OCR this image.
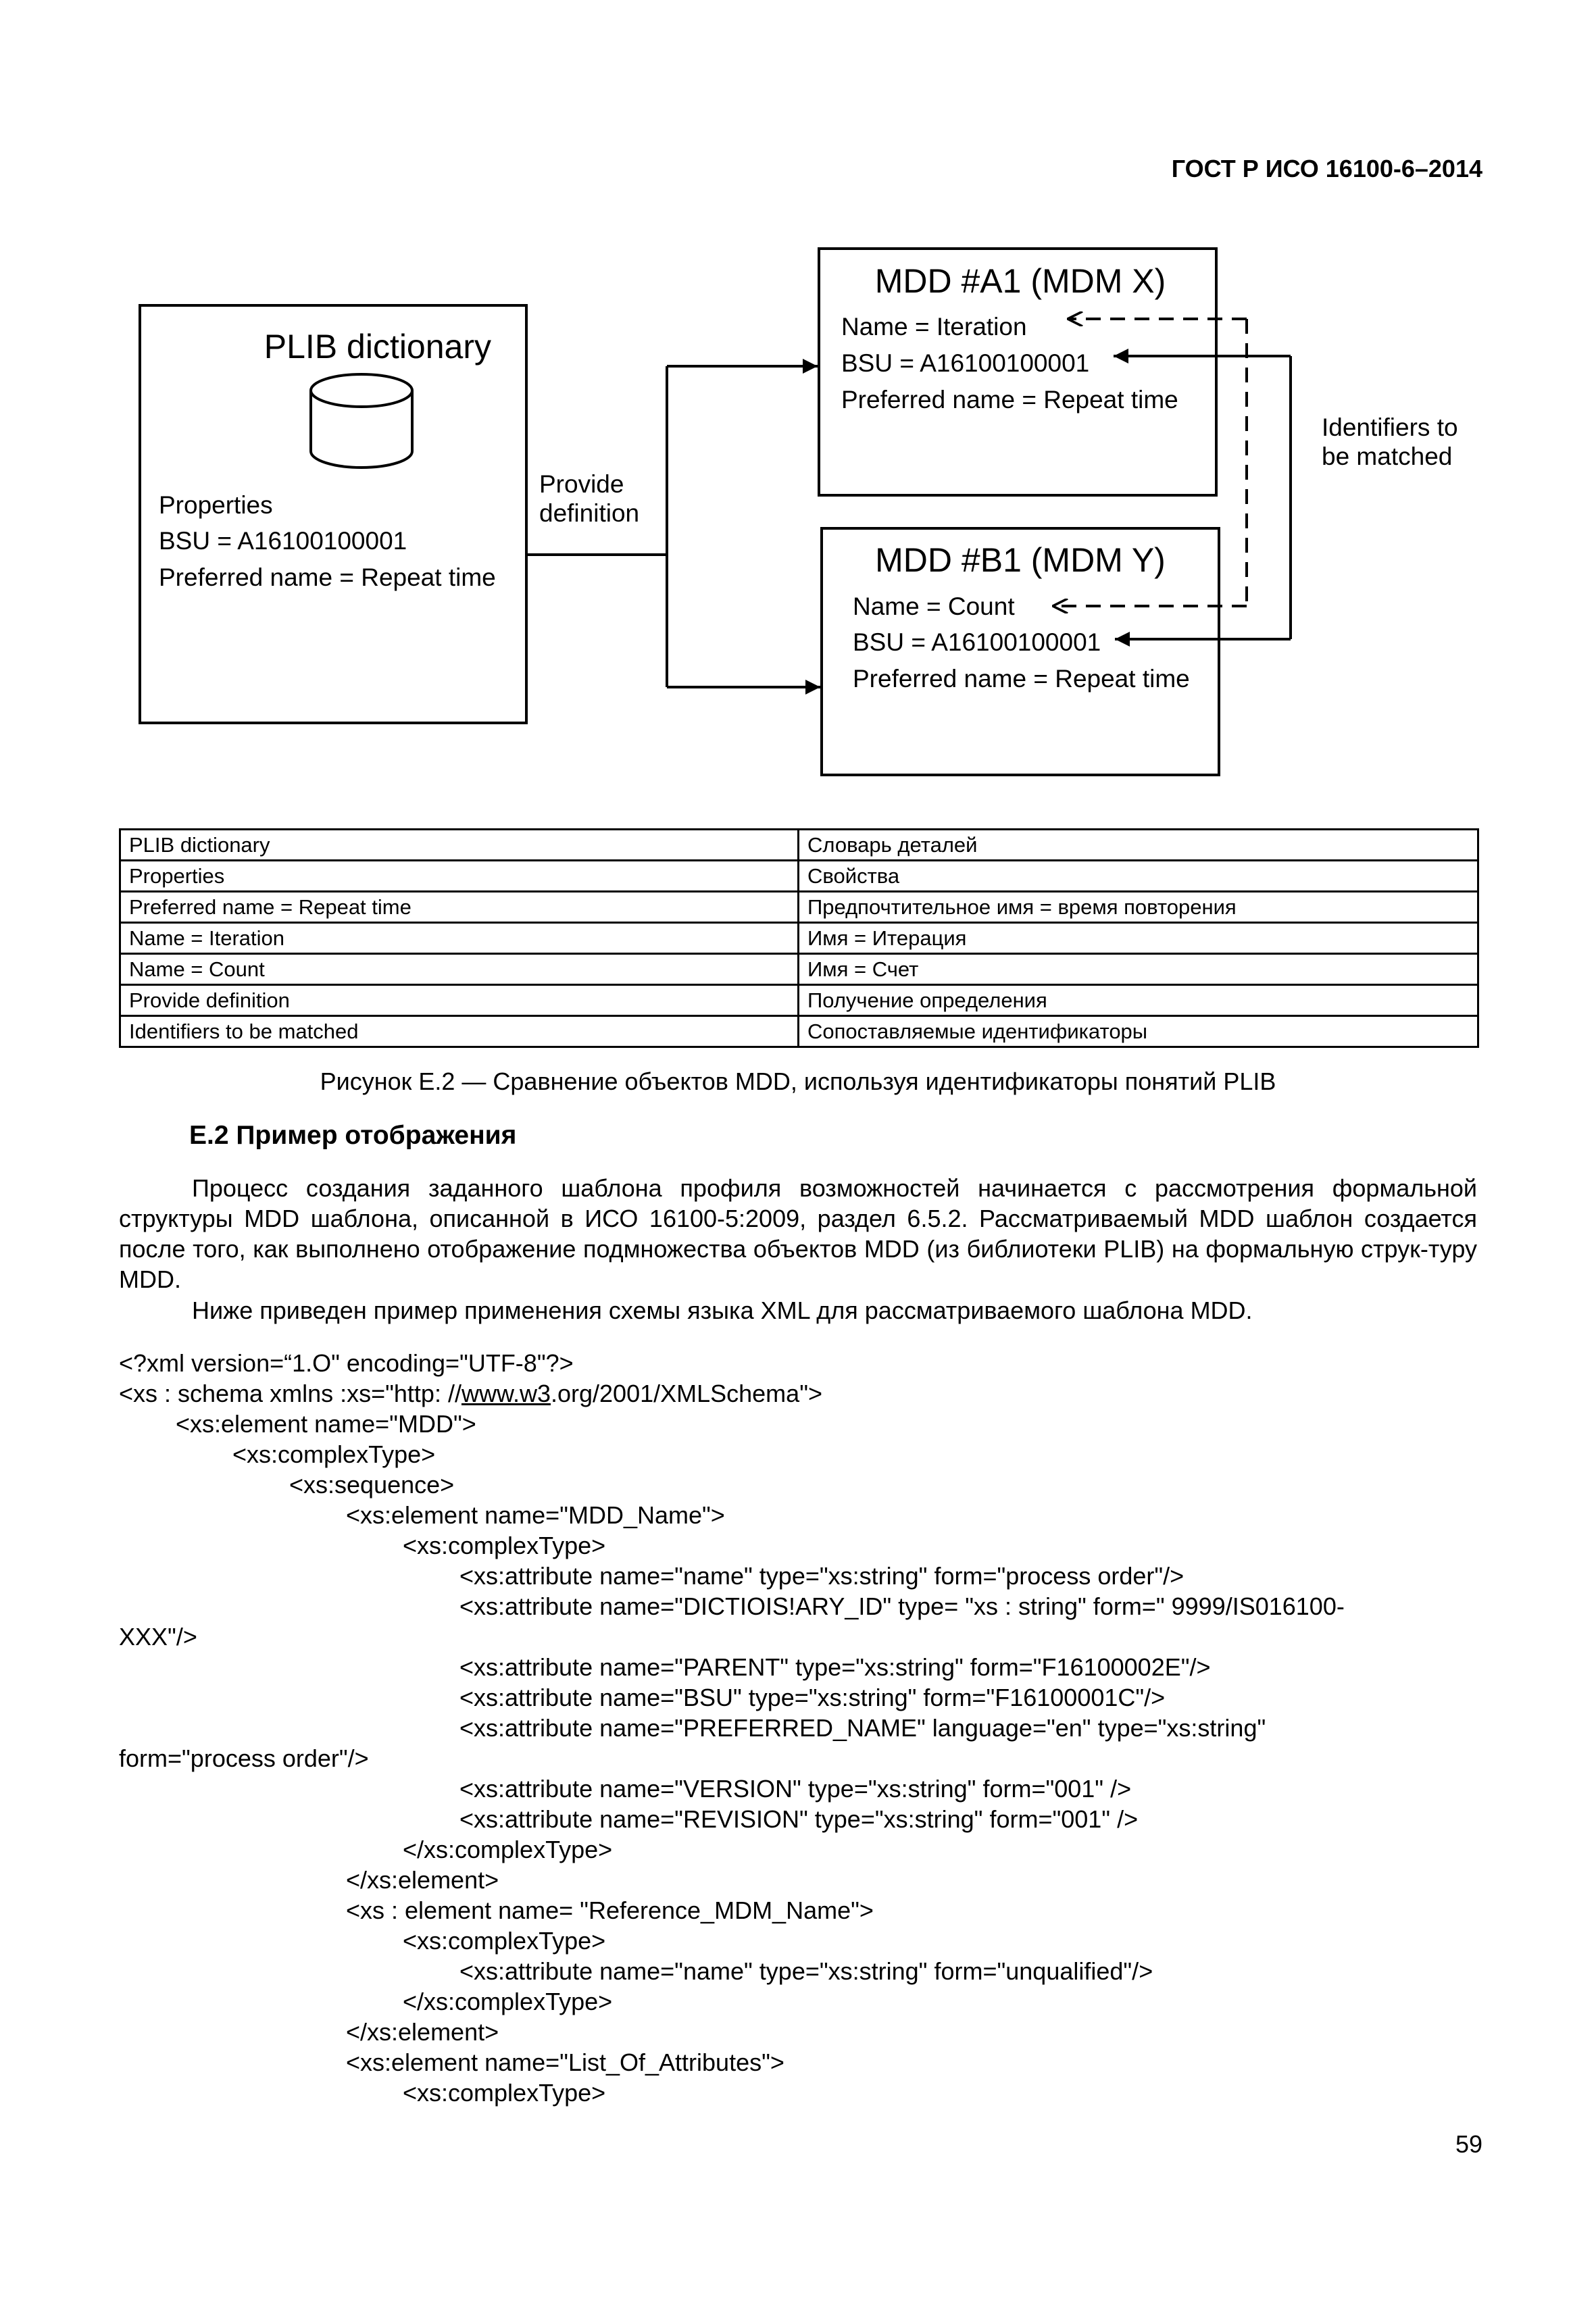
ГОСТ Р ИСО 16100-6–2014
PLIB dictionary
Properties
BSU = A16100100001
Preferred name = Repeat time
Provide
definition
MDD #A1 (MDM X)
Name = Iteration
BSU = A16100100001
Preferred name = Repeat time
MDD #B1 (MDM Y)
Name = Count
BSU = A16100100001
Preferred name = Repeat time
Identifiers to
be matched
PLIB dictionary	Словарь деталей
Properties	Свойства
Preferred name = Repeat time	Предпочтительное имя = время повторения
Name = Iteration	Имя = Итерация
Name = Count	Имя = Счет
Provide definition	Получение определения
Identifiers to be matched	Сопоставляемые идентификаторы
Рисунок Е.2 — Сравнение объектов MDD, используя идентификаторы понятий PLIB
Е.2 Пример отображения

Процесс создания заданного шаблона профиля возможностей начинается с рассмотрения формальной структуры MDD шаблона, описанной в ИСО 16100-5:2009, раздел 6.5.2. Рассматриваемый MDD шаблон создается после того, как выполнено отображение подмножества объектов MDD (из библиотеки PLIB) на формальную струк-туру MDD.

Ниже приведен пример применения схемы языка XML для рассматриваемого шаблона MDD.

<?xml version=“1.O" encoding="UTF-8"?>
<xs : schema xmlns :xs="http: //www.w3.org/2001/XMLSchema">
<xs:element name="MDD">
<xs:complexType>
<xs:sequence>
<xs:element name="MDD_Name">
<xs:complexType>
<xs:attribute name="name" type="xs:string" form="process order"/>
<xs:attribute name="DICTIOIS!ARY_ID" type= "xs : string" form=" 9999/IS016100-
XXX"/>
<xs:attribute name="PARENT" type="xs:string" form="F16100002E"/>
<xs:attribute name="BSU" type="xs:string" form="F16100001C"/>
<xs:attribute name="PREFERRED_NAME" language="en" type="xs:string"
form="process order"/>
<xs:attribute name="VERSION" type="xs:string" form="001" />
<xs:attribute name="REVISION" type="xs:string" form="001" />
</xs:complexType>
</xs:element>
<xs : element name= "Reference_MDM_Name">
<xs:complexType>
<xs:attribute name="name" type="xs:string" form="unqualified"/>
</xs:complexType>
</xs:element>
<xs:element name="List_Of_Attributes">
<xs:complexType>
59
